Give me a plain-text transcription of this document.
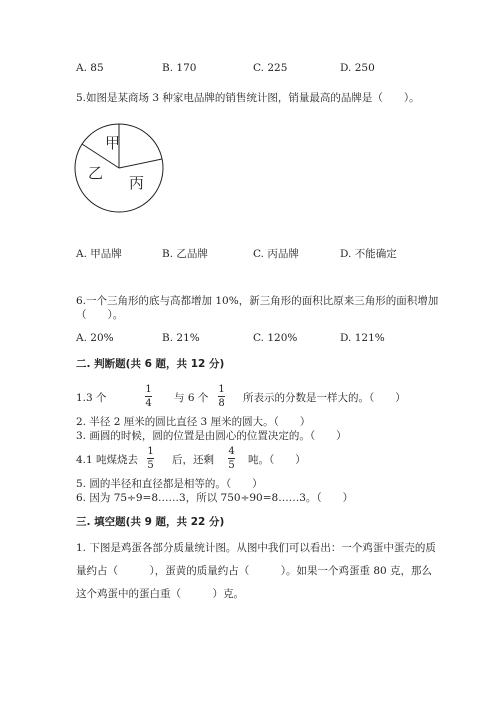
A. 85	B. 170	C. 225	D. 250
5.如图是某商场 3 种家电品牌的销售统计图，销量最高的品牌是（　　）。
甲
乙
丙
A. 甲品牌	B. 乙品牌	C. 丙品牌	D. 不能确定
6.一个三角形的底与高都增加 10%，新三角形的面积比原来三角形的面积增加
（　　）。
A. 20%	B. 21%	C. 120%	D. 121%
二. 判断题(共 6 题，共 12 分)
1.3 个
1
4 与 6 个
1
8 所表示的分数是一样大的。（　　）
2. 半径 2 厘米的圆比直径 3 厘米的圆大。（　　）
3. 画圆的时候，圆的位置是由圆心的位置决定的。（　　）
4.1 吨煤烧去
1
5 后，还剩
4
5 吨。（　　）
5. 圆的半径和直径都是相等的。（　　）
6. 因为 75÷9=8……3，所以 750÷90=8……3。（　　）
三. 填空题(共 9 题，共 22 分)
1. 下图是鸡蛋各部分质量统计图。从图中我们可以看出：一个鸡蛋中蛋壳的质
量约占（　　　），蛋黄的质量约占（　　　）。如果一个鸡蛋重 80 克，那么
这个鸡蛋中的蛋白重（　　　）克。
